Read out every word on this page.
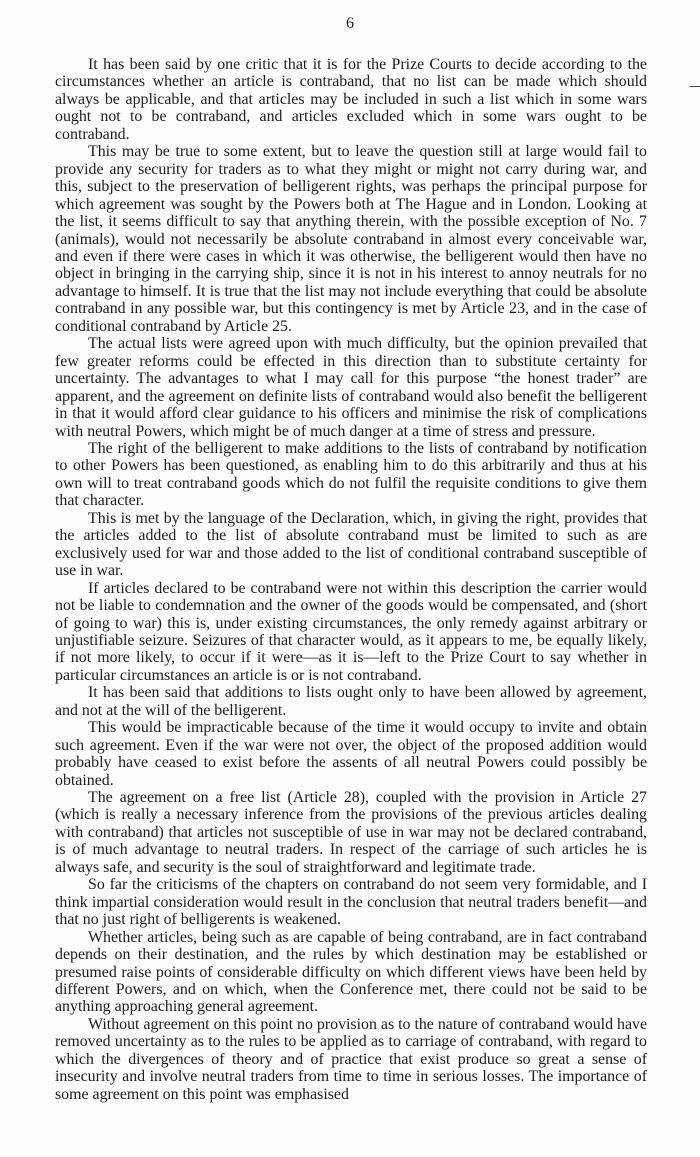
6

It has been said by one critic that it is for the Prize Courts to decide according to the circumstances whether an article is contraband, that no list can be made which should always be applicable, and that articles may be included in such a list which in some wars ought not to be contraband, and articles excluded which in some wars ought to be contraband.

This may be true to some extent, but to leave the question still at large would fail to provide any security for traders as to what they might or might not carry during war, and this, subject to the preservation of belligerent rights, was perhaps the principal purpose for which agreement was sought by the Powers both at The Hague and in London. Looking at the list, it seems difficult to say that anything therein, with the possible exception of No. 7 (animals), would not necessarily be absolute contraband in almost every conceivable war, and even if there were cases in which it was otherwise, the belligerent would then have no object in bringing in the carrying ship, since it is not in his interest to annoy neutrals for no advantage to himself. It is true that the list may not include everything that could be absolute contraband in any possible war, but this contingency is met by Article 23, and in the case of conditional contraband by Article 25.

The actual lists were agreed upon with much difficulty, but the opinion prevailed that few greater reforms could be effected in this direction than to substitute certainty for uncertainty. The advantages to what I may call for this purpose “the honest trader” are apparent, and the agreement on definite lists of contraband would also benefit the belligerent in that it would afford clear guidance to his officers and minimise the risk of complications with neutral Powers, which might be of much danger at a time of stress and pressure.

The right of the belligerent to make additions to the lists of contraband by notification to other Powers has been questioned, as enabling him to do this arbitrarily and thus at his own will to treat contraband goods which do not fulfil the requisite conditions to give them that character.

This is met by the language of the Declaration, which, in giving the right, provides that the articles added to the list of absolute contraband must be limited to such as are exclusively used for war and those added to the list of conditional contraband susceptible of use in war.

If articles declared to be contraband were not within this description the carrier would not be liable to condemnation and the owner of the goods would be compensated, and (short of going to war) this is, under existing circumstances, the only remedy against arbitrary or unjustifiable seizure. Seizures of that character would, as it appears to me, be equally likely, if not more likely, to occur if it were—as it is—left to the Prize Court to say whether in particular circumstances an article is or is not contraband.

It has been said that additions to lists ought only to have been allowed by agreement, and not at the will of the belligerent.

This would be impracticable because of the time it would occupy to invite and obtain such agreement. Even if the war were not over, the object of the proposed addition would probably have ceased to exist before the assents of all neutral Powers could possibly be obtained.

The agreement on a free list (Article 28), coupled with the provision in Article 27 (which is really a necessary inference from the provisions of the previous articles dealing with contraband) that articles not susceptible of use in war may not be declared contraband, is of much advantage to neutral traders. In respect of the carriage of such articles he is always safe, and security is the soul of straightforward and legitimate trade.

So far the criticisms of the chapters on contraband do not seem very formidable, and I think impartial consideration would result in the conclusion that neutral traders benefit—and that no just right of belligerents is weakened.

Whether articles, being such as are capable of being contraband, are in fact contraband depends on their destination, and the rules by which destination may be established or presumed raise points of considerable difficulty on which different views have been held by different Powers, and on which, when the Conference met, there could not be said to be anything approaching general agreement.

Without agreement on this point no provision as to the nature of contraband would have removed uncertainty as to the rules to be applied as to carriage of contraband, with regard to which the divergences of theory and of practice that exist produce so great a sense of insecurity and involve neutral traders from time to time in serious losses. The importance of some agreement on this point was emphasised
